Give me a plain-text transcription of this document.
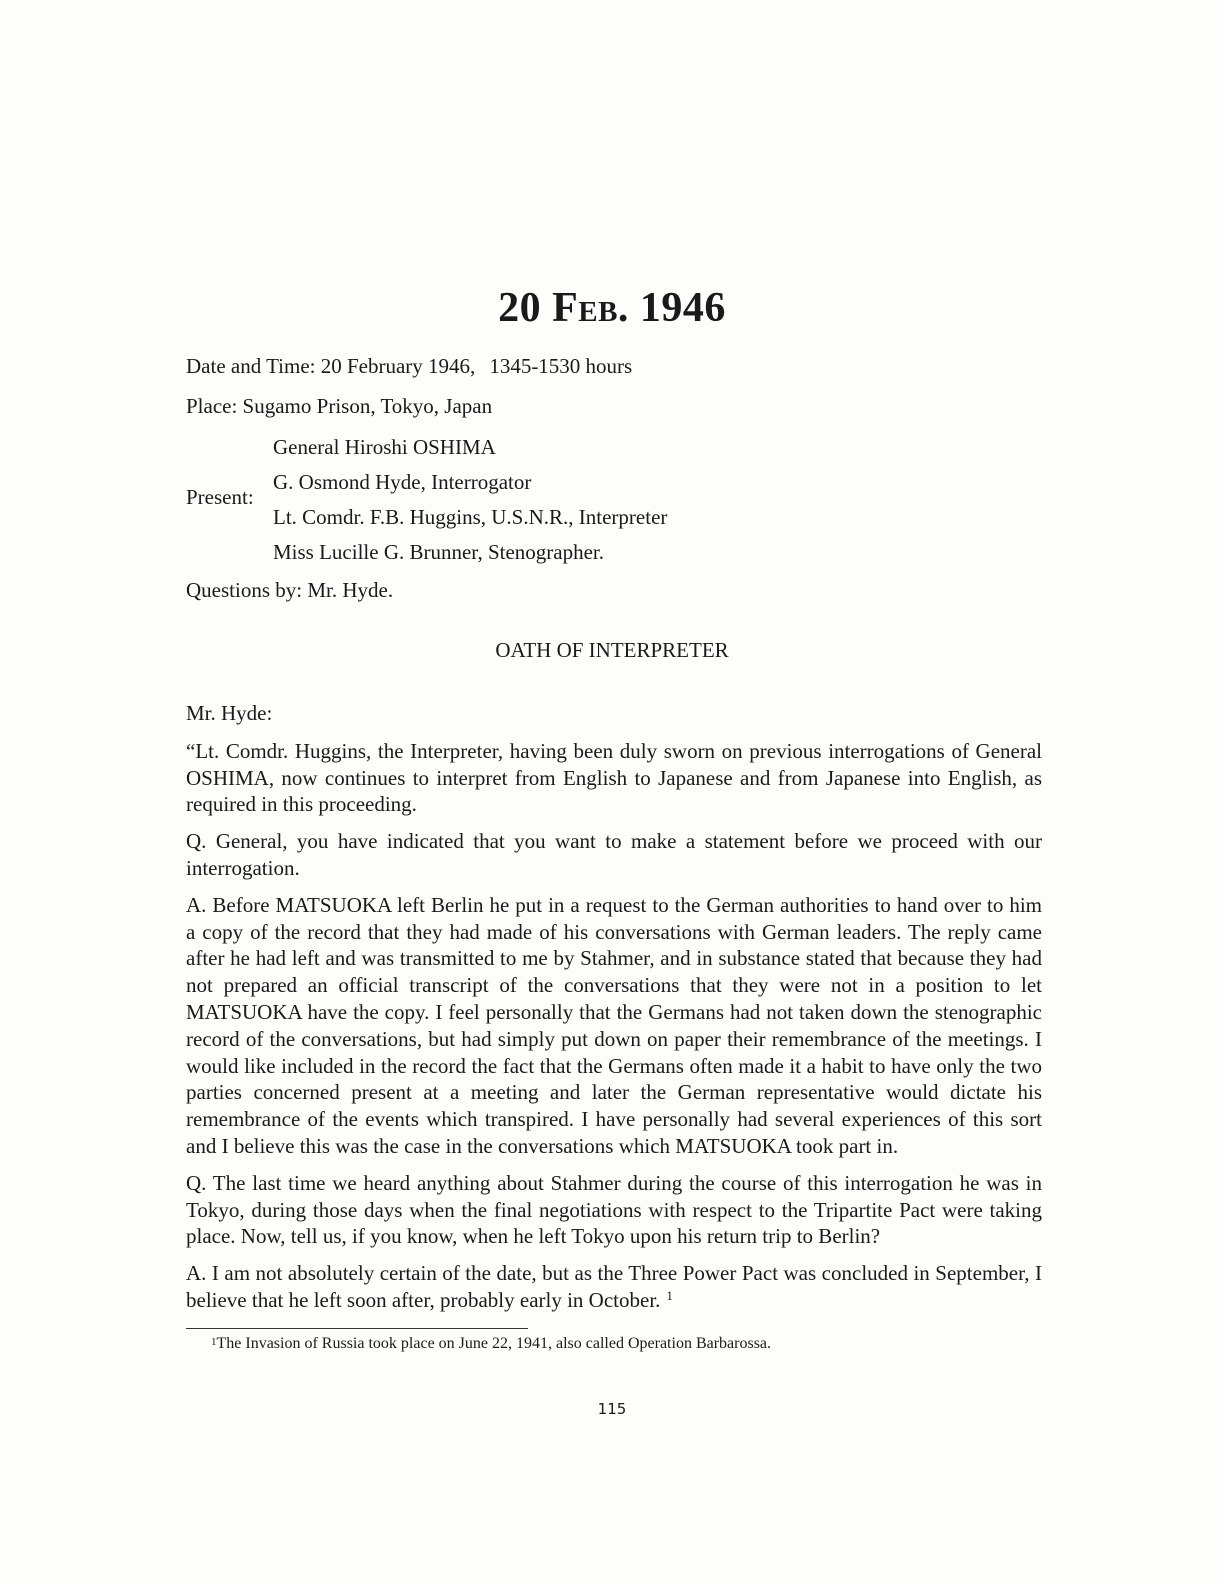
20 Feb. 1946
Date and Time: 20 February 1946, 1345-1530 hours
Place: Sugamo Prison, Tokyo, Japan
Present:
General Hiroshi OSHIMA
G. Osmond Hyde, Interrogator
Lt. Comdr. F.B. Huggins, U.S.N.R., Interpreter
Miss Lucille G. Brunner, Stenographer.
Questions by: Mr. Hyde.
OATH OF INTERPRETER

Mr. Hyde:

“Lt. Comdr. Huggins, the Interpreter, having been duly sworn on previous interrogations of General OSHIMA, now continues to interpret from English to Japanese and from Japanese into English, as required in this proceeding.

Q. General, you have indicated that you want to make a statement before we proceed with our interrogation.

A. Before MATSUOKA left Berlin he put in a request to the German authorities to hand over to him a copy of the record that they had made of his conversations with German leaders. The reply came after he had left and was transmitted to me by Stahmer, and in substance stated that because they had not prepared an official transcript of the conversations that they were not in a position to let MATSUOKA have the copy. I feel personally that the Germans had not taken down the stenographic record of the conversations, but had simply put down on paper their remembrance of the meetings. I would like included in the record the fact that the Germans often made it a habit to have only the two parties concerned present at a meeting and later the German representative would dictate his remembrance of the events which transpired. I have personally had several experiences of this sort and I believe this was the case in the conversations which MATSUOKA took part in.

Q. The last time we heard anything about Stahmer during the course of this interrogation he was in Tokyo, during those days when the final negotiations with respect to the Tripartite Pact were taking place. Now, tell us, if you know, when he left Tokyo upon his return trip to Berlin?

A. I am not absolutely certain of the date, but as the Three Power Pact was concluded in September, I believe that he left soon after, probably early in October. $^1$

$^1$The Invasion of Russia took place on June 22, 1941, also called Operation Barbarossa.
115
